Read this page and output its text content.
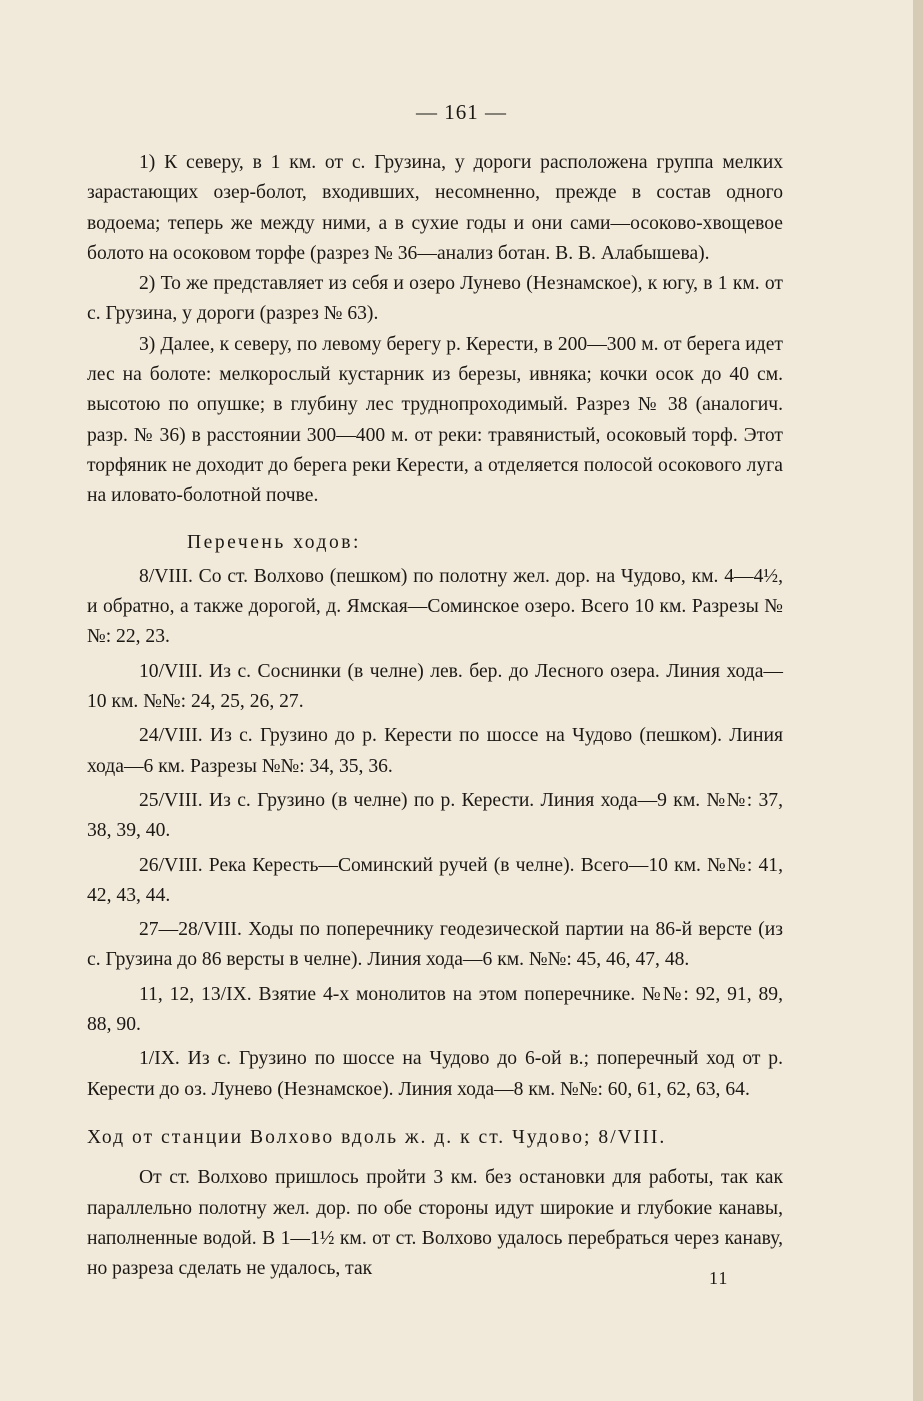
— 161 —

1) К северу, в 1 км. от с. Грузина, у дороги расположена группа мелких зарастающих озер-болот, входивших, несомненно, прежде в состав одного водоема; теперь же между ними, а в сухие годы и они сами—осоково-хвощевое болото на осоковом торфе (разрез № 36—анализ ботан. В. В. Алабышева).

2) То же представляет из себя и озеро Лунево (Незнамское), к югу, в 1 км. от с. Грузина, у дороги (разрез № 63).

3) Далее, к северу, по левому берегу р. Керести, в 200—300 м. от берега идет лес на болоте: мелкорослый кустарник из березы, ивняка; кочки осок до 40 см. высотою по опушке; в глубину лес труднопроходимый. Разрез № 38 (аналогич. разр. № 36) в расстоянии 300—400 м. от реки: травянистый, осоковый торф. Этот торфяник не доходит до берега реки Керести, а отделяется полосой осокового луга на иловато-болотной почве.

Перечень ходов:

8/VIII. Со ст. Волхово (пешком) по полотну жел. дор. на Чудово, км. 4—4½, и обратно, а также дорогой, д. Ямская—Соминское озеро. Всего 10 км. Разрезы №№: 22, 23.

10/VIII. Из с. Соснинки (в челне) лев. бер. до Лесного озера. Линия хода—10 км. №№: 24, 25, 26, 27.

24/VIII. Из с. Грузино до р. Керести по шоссе на Чудово (пешком). Линия хода—6 км. Разрезы №№: 34, 35, 36.

25/VIII. Из с. Грузино (в челне) по р. Керести. Линия хода—9 км. №№: 37, 38, 39, 40.

26/VIII. Река Кересть—Соминский ручей (в челне). Всего—10 км. №№: 41, 42, 43, 44.

27—28/VIII. Ходы по поперечнику геодезической партии на 86-й версте (из с. Грузина до 86 версты в челне). Линия хода—6 км. №№: 45, 46, 47, 48.

11, 12, 13/IX. Взятие 4-х монолитов на этом поперечнике. №№: 92, 91, 89, 88, 90.

1/IX. Из с. Грузино по шоссе на Чудово до 6-ой в.; поперечный ход от р. Керести до оз. Лунево (Незнамское). Линия хода—8 км. №№: 60, 61, 62, 63, 64.

Ход от станции Волхово вдоль ж. д. к ст. Чудово; 8/VIII.

От ст. Волхово пришлось пройти 3 км. без остановки для работы, так как параллельно полотну жел. дор. по обе стороны идут широкие и глубокие канавы, наполненные водой. В 1—1½ км. от ст. Волхово удалось перебраться через канаву, но разреза сделать не удалось, так	11
